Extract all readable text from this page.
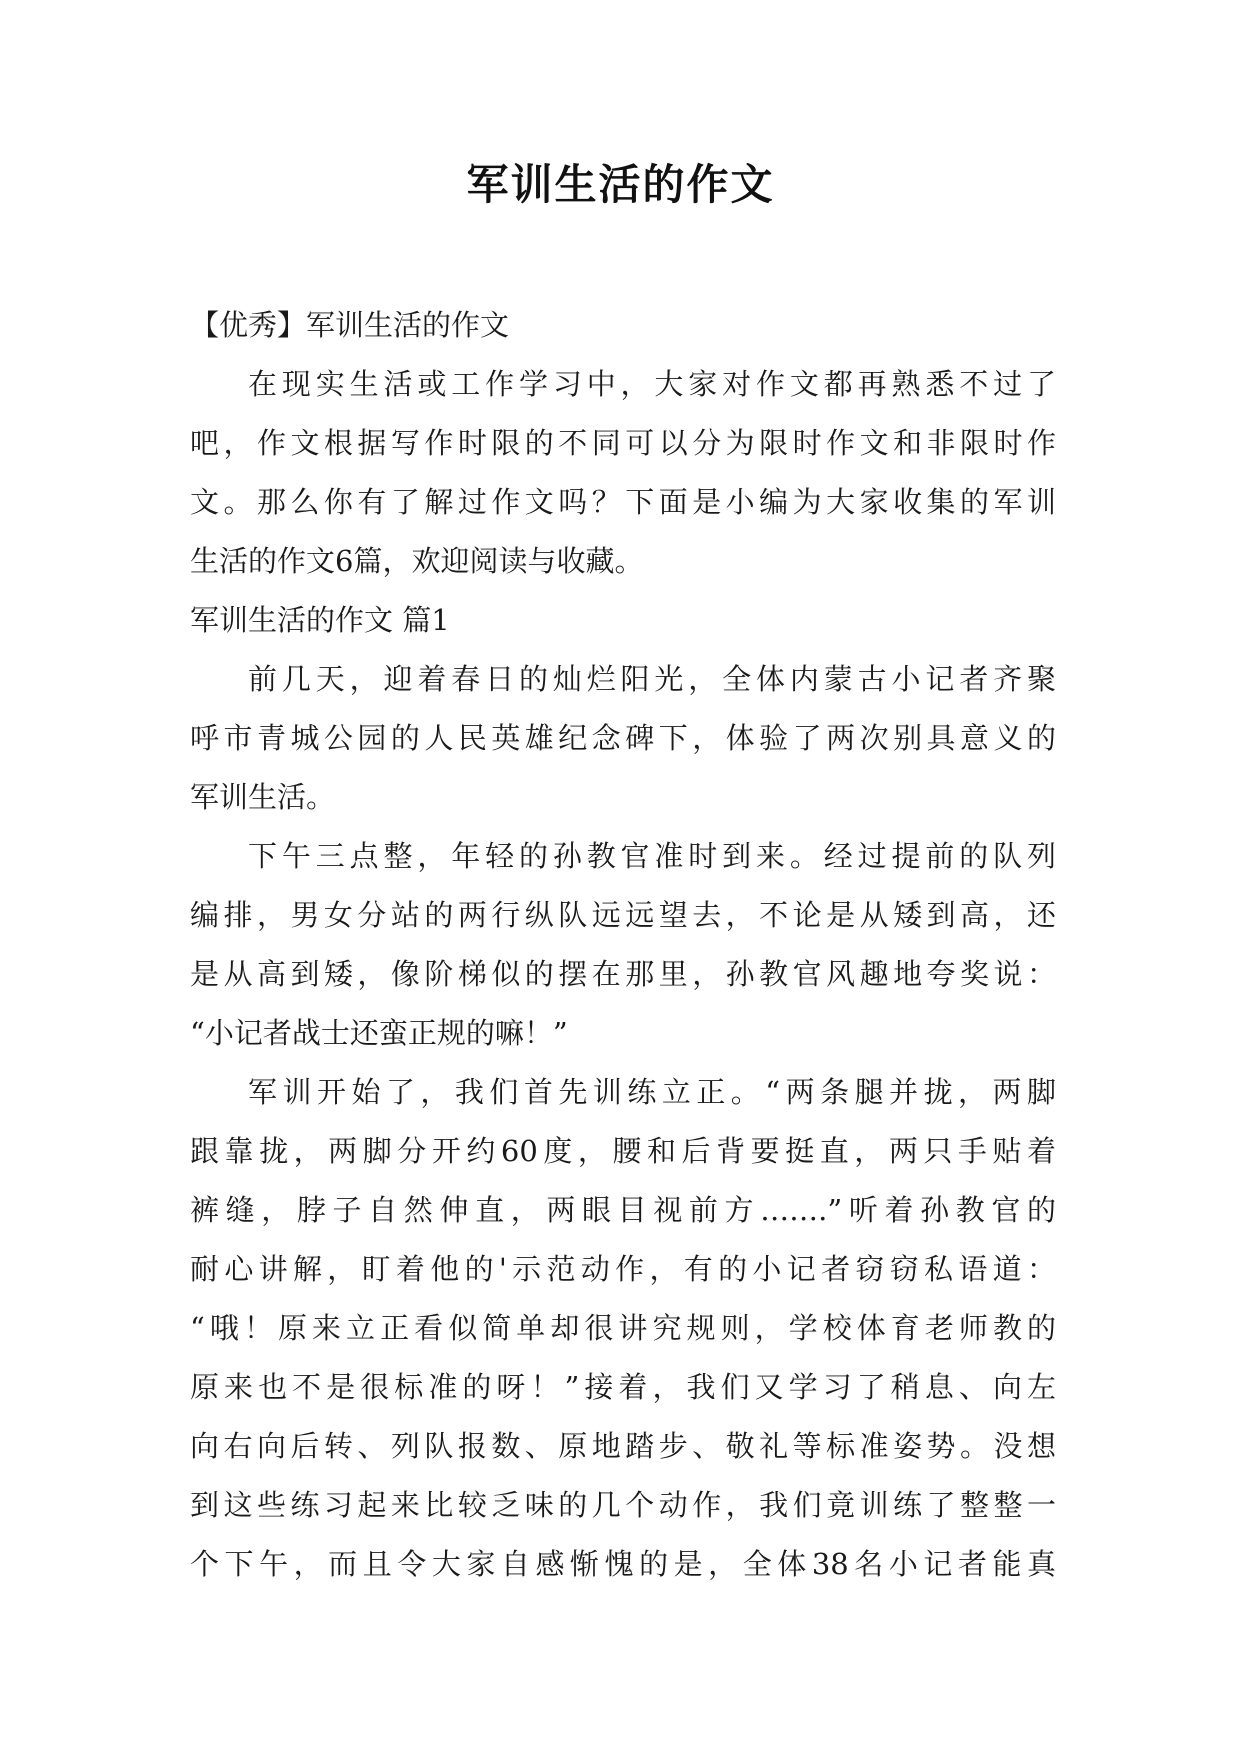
军训生活的作文
【优秀】军训生活的作文
在现实生活或工作学习中，大家对作文都再熟悉不过了
吧，作文根据写作时限的不同可以分为限时作文和非限时作
文。那么你有了解过作文吗？下面是小编为大家收集的军训
生活的作文6篇，欢迎阅读与收藏。
军训生活的作文 篇1
前几天，迎着春日的灿烂阳光，全体内蒙古小记者齐聚
呼市青城公园的人民英雄纪念碑下，体验了两次别具意义的
军训生活。
下午三点整，年轻的孙教官准时到来。经过提前的队列
编排，男女分站的两行纵队远远望去，不论是从矮到高，还
是从高到矮，像阶梯似的摆在那里，孙教官风趣地夸奖说：
“小记者战士还蛮正规的嘛！”
军训开始了，我们首先训练立正。“两条腿并拢，两脚
跟靠拢，两脚分开约60度，腰和后背要挺直，两只手贴着
裤缝，脖子自然伸直，两眼目视前方…….”听着孙教官的
耐心讲解，盯着他的'示范动作，有的小记者窃窃私语道：
“哦！原来立正看似简单却很讲究规则，学校体育老师教的
原来也不是很标准的呀！”接着，我们又学习了稍息、向左
向右向后转、列队报数、原地踏步、敬礼等标准姿势。没想
到这些练习起来比较乏味的几个动作，我们竟训练了整整一
个下午，而且令大家自感惭愧的是，全体38名小记者能真
